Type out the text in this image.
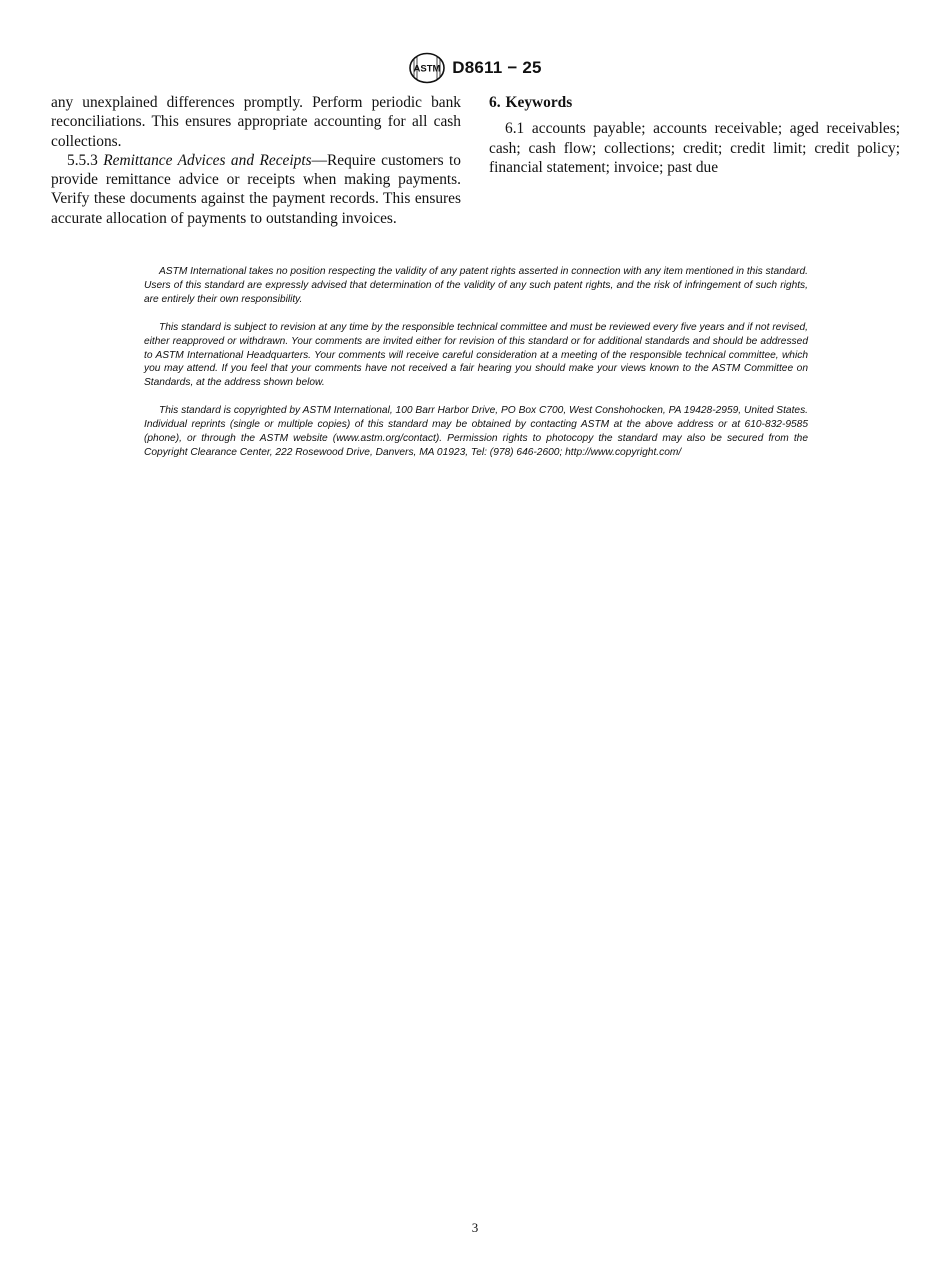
ASTM D8611 − 25

any unexplained differences promptly. Perform periodic bank reconciliations. This ensures appropriate accounting for all cash collections.

5.5.3 Remittance Advices and Receipts—Require customers to provide remittance advice or receipts when making payments. Verify these documents against the payment records. This ensures accurate allocation of payments to outstanding invoices.

6. Keywords

6.1 accounts payable; accounts receivable; aged receivables; cash; cash flow; collections; credit; credit limit; credit policy; financial statement; invoice; past due

ASTM International takes no position respecting the validity of any patent rights asserted in connection with any item mentioned in this standard. Users of this standard are expressly advised that determination of the validity of any such patent rights, and the risk of infringement of such rights, are entirely their own responsibility.

This standard is subject to revision at any time by the responsible technical committee and must be reviewed every five years and if not revised, either reapproved or withdrawn. Your comments are invited either for revision of this standard or for additional standards and should be addressed to ASTM International Headquarters. Your comments will receive careful consideration at a meeting of the responsible technical committee, which you may attend. If you feel that your comments have not received a fair hearing you should make your views known to the ASTM Committee on Standards, at the address shown below.

This standard is copyrighted by ASTM International, 100 Barr Harbor Drive, PO Box C700, West Conshohocken, PA 19428-2959, United States. Individual reprints (single or multiple copies) of this standard may be obtained by contacting ASTM at the above address or at 610-832-9585 (phone), or through the ASTM website (www.astm.org/contact). Permission rights to photocopy the standard may also be secured from the Copyright Clearance Center, 222 Rosewood Drive, Danvers, MA 01923, Tel: (978) 646-2600; http://www.copyright.com/

3
